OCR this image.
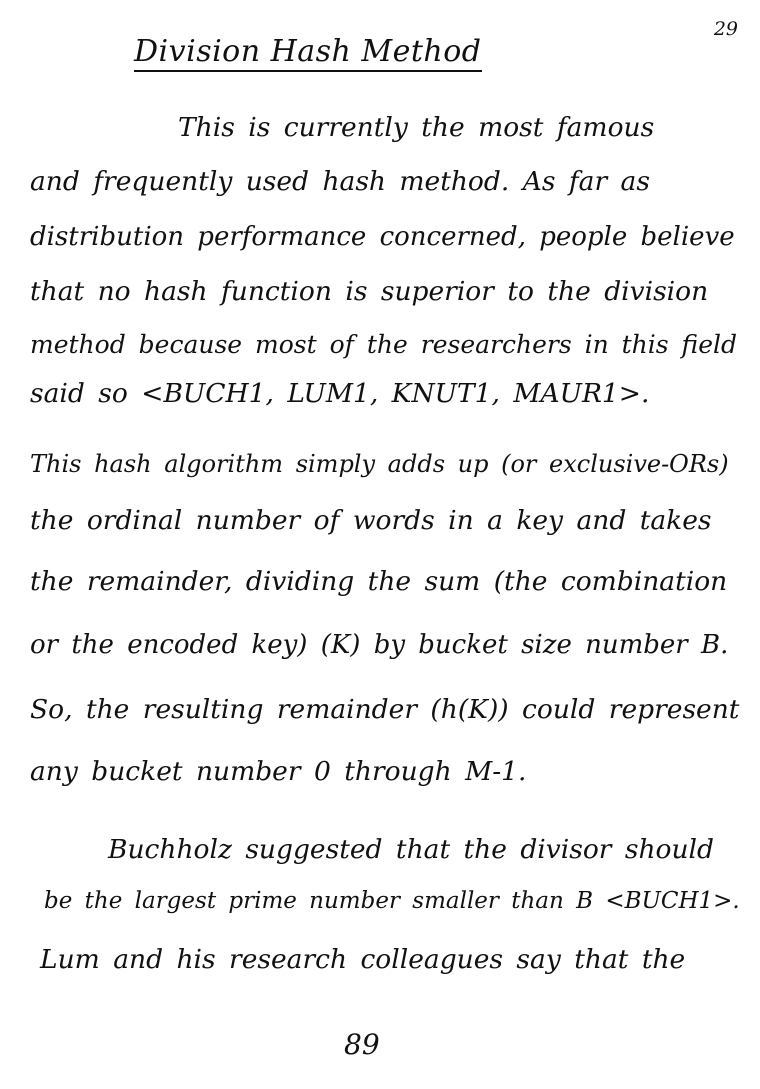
29
Division Hash Method
This is currently the most famous
and frequently used hash method. As far as
distribution performance concerned, people believe
that no hash function is superior to the division
method because most of the researchers in this field
said so <BUCH1, LUM1, KNUT1, MAUR1>.
This hash algorithm simply adds up (or exclusive-ORs)
the ordinal number of words in a key and takes
the remainder, dividing the sum (the combination
or the encoded key) (K) by bucket size number B.
So, the resulting remainder (h(K)) could represent
any bucket number 0 through M-1.
Buchholz suggested that the divisor should
be the largest prime number smaller than B <BUCH1>.
Lum and his research colleagues say that the
89
